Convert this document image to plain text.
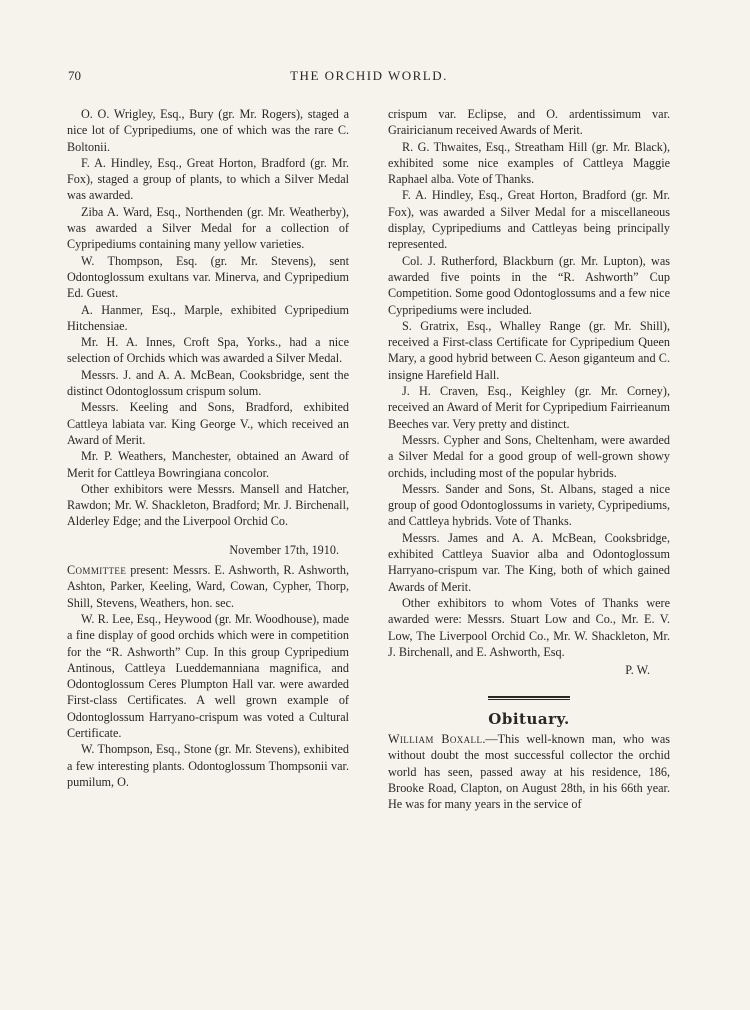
70	THE ORCHID WORLD.

O. O. Wrigley, Esq., Bury (gr. Mr. Rogers), staged a nice lot of Cypripediums, one of which was the rare C. Boltonii.

F. A. Hindley, Esq., Great Horton, Bradford (gr. Mr. Fox), staged a group of plants, to which a Silver Medal was awarded.

Ziba A. Ward, Esq., Northenden (gr. Mr. Weatherby), was awarded a Silver Medal for a collection of Cypripediums containing many yellow varieties.

W. Thompson, Esq. (gr. Mr. Stevens), sent Odontoglossum exultans var. Minerva, and Cypripedium Ed. Guest.

A. Hanmer, Esq., Marple, exhibited Cypripedium Hitchensiae.

Mr. H. A. Innes, Croft Spa, Yorks., had a nice selection of Orchids which was awarded a Silver Medal.

Messrs. J. and A. A. McBean, Cooksbridge, sent the distinct Odontoglossum crispum solum.

Messrs. Keeling and Sons, Bradford, exhibited Cattleya labiata var. King George V., which received an Award of Merit.

Mr. P. Weathers, Manchester, obtained an Award of Merit for Cattleya Bowringiana concolor.

Other exhibitors were Messrs. Mansell and Hatcher, Rawdon; Mr. W. Shackleton, Bradford; Mr. J. Birchenall, Alderley Edge; and the Liverpool Orchid Co.

November 17th, 1910.

Committee present: Messrs. E. Ashworth, R. Ashworth, Ashton, Parker, Keeling, Ward, Cowan, Cypher, Thorp, Shill, Stevens, Weathers, hon. sec.

W. R. Lee, Esq., Heywood (gr. Mr. Woodhouse), made a fine display of good orchids which were in competition for the “R. Ashworth” Cup. In this group Cypripedium Antinous, Cattleya Lueddemanniana magnifica, and Odontoglossum Ceres Plumpton Hall var. were awarded First-class Certificates. A well grown example of Odontoglossum Harryano-crispum was voted a Cultural Certificate.

W. Thompson, Esq., Stone (gr. Mr. Stevens), exhibited a few interesting plants. Odontoglossum Thompsonii var. pumilum, O.

crispum var. Eclipse, and O. ardentissimum var. Grairicianum received Awards of Merit.

R. G. Thwaites, Esq., Streatham Hill (gr. Mr. Black), exhibited some nice examples of Cattleya Maggie Raphael alba. Vote of Thanks.

F. A. Hindley, Esq., Great Horton, Bradford (gr. Mr. Fox), was awarded a Silver Medal for a miscellaneous display, Cypripediums and Cattleyas being principally represented.

Col. J. Rutherford, Blackburn (gr. Mr. Lupton), was awarded five points in the “R. Ashworth” Cup Competition. Some good Odontoglossums and a few nice Cypripediums were included.

S. Gratrix, Esq., Whalley Range (gr. Mr. Shill), received a First-class Certificate for Cypripedium Queen Mary, a good hybrid between C. Aeson giganteum and C. insigne Harefield Hall.

J. H. Craven, Esq., Keighley (gr. Mr. Corney), received an Award of Merit for Cypripedium Fairrieanum Beeches var. Very pretty and distinct.

Messrs. Cypher and Sons, Cheltenham, were awarded a Silver Medal for a good group of well-grown showy orchids, including most of the popular hybrids.

Messrs. Sander and Sons, St. Albans, staged a nice group of good Odontoglossums in variety, Cypripediums, and Cattleya hybrids. Vote of Thanks.

Messrs. James and A. A. McBean, Cooksbridge, exhibited Cattleya Suavior alba and Odontoglossum Harryano-crispum var. The King, both of which gained Awards of Merit.

Other exhibitors to whom Votes of Thanks were awarded were: Messrs. Stuart Low and Co., Mr. E. V. Low, The Liverpool Orchid Co., Mr. W. Shackleton, Mr. J. Birchenall, and E. Ashworth, Esq.

P. W.

Obituary.

William Boxall.—This well-known man, who was without doubt the most successful collector the orchid world has seen, passed away at his residence, 186, Brooke Road, Clapton, on August 28th, in his 66th year. He was for many years in the service of
